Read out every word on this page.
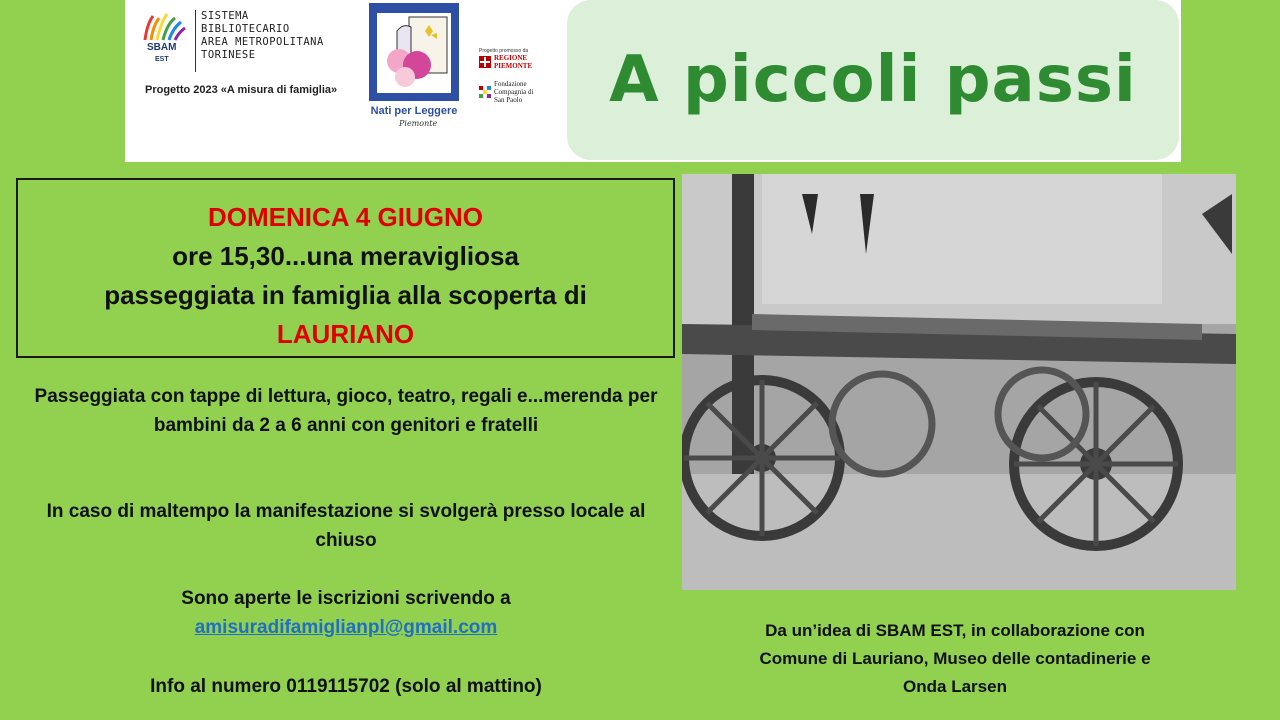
SBAM
EST
SISTEMA
BIBLIOTECARIO
AREA METROPOLITANA
TORINESE
Progetto 2023 «A misura di famiglia»
Nati per Leggere
Piemonte
Progetto promosso da
REGIONE PIEMONTE
Fondazione Compagnia di San Paolo	A piccoli passi
DOMENICA 4 GIUGNO
ore 15,30...una meravigliosa
passeggiata in famiglia alla scoperta di
LAURIANO
Passeggiata con tappe di lettura, gioco, teatro, regali e...merenda per bambini da 2 a 6 anni con genitori e fratelli
In caso di maltempo la manifestazione si svolgerà presso locale al chiuso
Sono aperte le iscrizioni scrivendo a
amisuradifamiglianpl@gmail.com
Info al numero 0119115702 (solo al mattino)
Da un’idea di SBAM EST, in collaborazione con
Comune di Lauriano, Museo delle contadinerie e
Onda Larsen
